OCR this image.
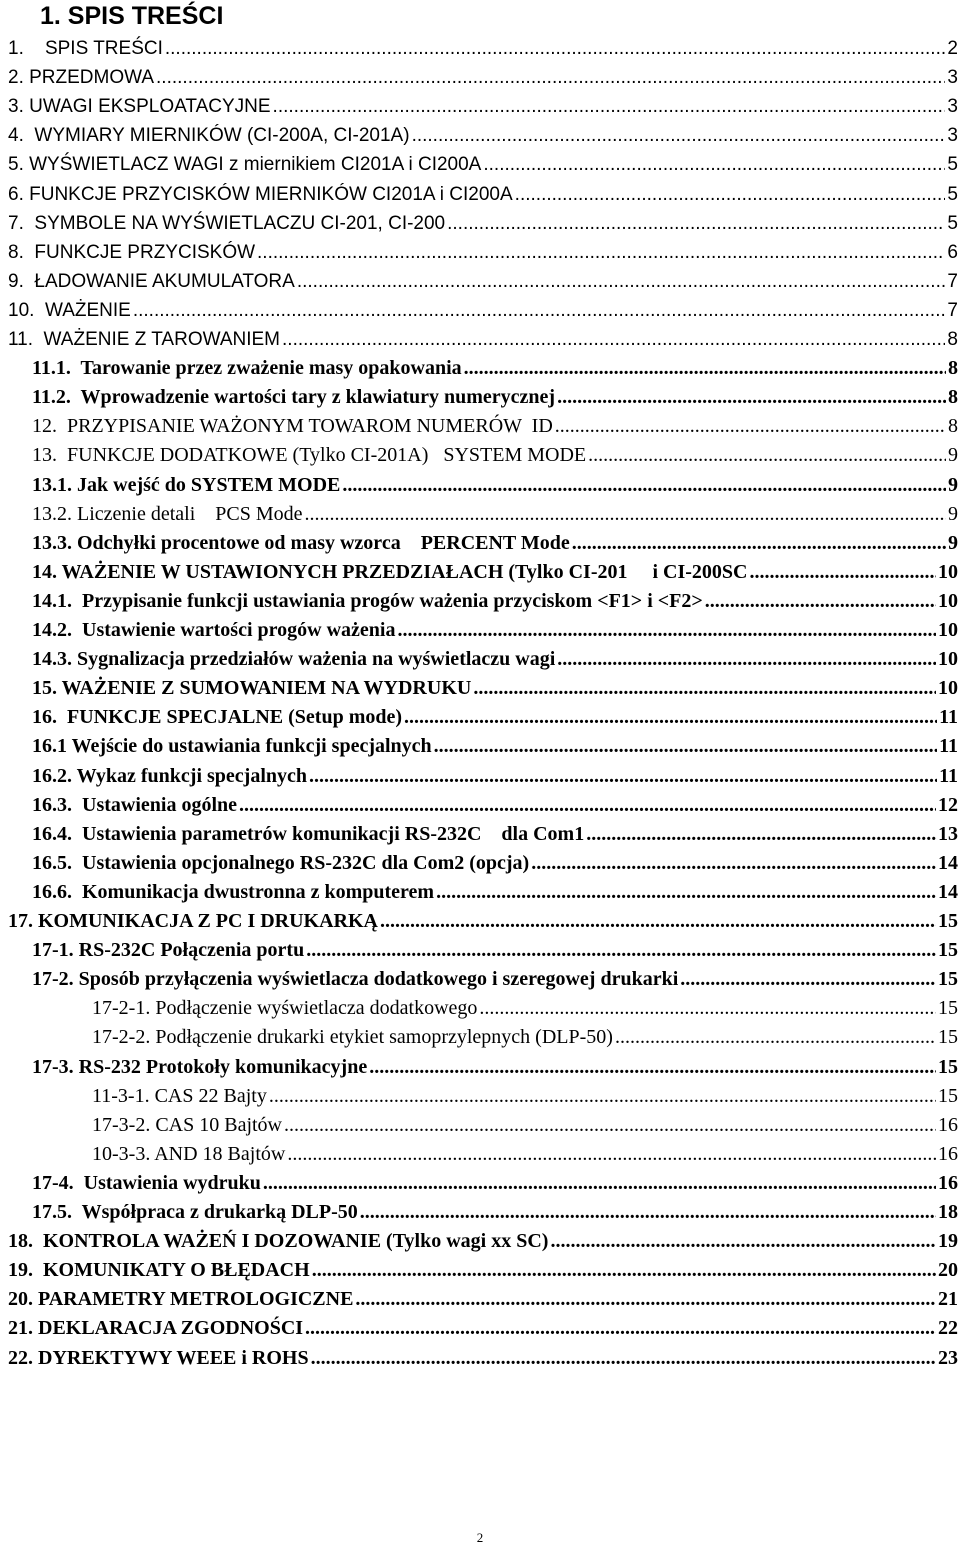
1. SPIS TREŚCI
1.    SPIS TREŚCI .....	2
2. PRZEDMOWA .....	3
3. UWAGI EKSPLOATACYJNE .....	3
4.  WYMIARY MIERNIKÓW (CI-200A, CI-201A) .....	3
5. WYŚWIETLACZ WAGI z miernikiem CI201A i CI200A .....	5
6. FUNKCJE PRZYCISKÓW MIERNIKÓW CI201A i CI200A .....	5
7.  SYMBOLE NA WYŚWIETLACZU CI-201, CI-200 .....	5
8.  FUNKCJE PRZYCISKÓW .....	6
9.  ŁADOWANIE AKUMULATORA .....	7
10.  WAŻENIE .....	7
11.  WAŻENIE Z TAROWANIEM .....	8
11.1.  Tarowanie przez zważenie masy opakowania .....	8
11.2.  Wprowadzenie wartości tary z klawiatury numerycznej .....	8
12.  PRZYPISANIE WAŻONYM TOWAROM NUMERÓW  ID .....	8
13.  FUNKCJE DODATKOWE (Tylko CI-201A)   SYSTEM MODE .....	9
13.1. Jak wejść do SYSTEM MODE .....	9
13.2. Liczenie detali    PCS Mode .....	9
13.3. Odchyłki procentowe od masy wzorca    PERCENT Mode .....	9
14. WAŻENIE W USTAWIONYCH PRZEDZIAŁACH (Tylko CI-201     i CI-200SC .....	10
14.1.  Przypisanie funkcji ustawiania progów ważenia przyciskom <F1> i <F2> .....	10
14.2.  Ustawienie wartości progów ważenia .....	10
14.3. Sygnalizacja przedziałów ważenia na wyświetlaczu wagi .....	10
15. WAŻENIE Z SUMOWANIEM NA WYDRUKU .....	10
16.  FUNKCJE SPECJALNE (Setup mode) .....	11
16.1 Wejście do ustawiania funkcji specjalnych .....	11
16.2. Wykaz funkcji specjalnych .....	11
16.3.  Ustawienia ogólne .....	12
16.4.  Ustawienia parametrów komunikacji RS-232C    dla Com1 .....	13
16.5.  Ustawienia opcjonalnego RS-232C dla Com2 (opcja) .....	14
16.6.  Komunikacja dwustronna z komputerem .....	14
17. KOMUNIKACJA Z PC I DRUKARKĄ .....	15
17-1. RS-232C Połączenia portu .....	15
17-2. Sposób przyłączenia wyświetlacza dodatkowego i szeregowej drukarki .....	15
17-2-1. Podłączenie wyświetlacza dodatkowego .....	15
17-2-2. Podłączenie drukarki etykiet samoprzylepnych (DLP-50) .....	15
17-3. RS-232 Protokoły komunikacyjne .....	15
11-3-1. CAS 22 Bajty .....	15
17-3-2. CAS 10 Bajtów .....	16
10-3-3. AND 18 Bajtów .....	16
17-4.  Ustawienia wydruku .....	16
17.5.  Współpraca z drukarką DLP-50 .....	18
18.  KONTROLA WAŻEŃ I DOZOWANIE (Tylko wagi xx SC) .....	19
19.  KOMUNIKATY O BŁĘDACH .....	20
20. PARAMETRY METROLOGICZNE .....	21
21. DEKLARACJA ZGODNOŚCI .....	22
22. DYREKTYWY WEEE i ROHS .....	23
2
